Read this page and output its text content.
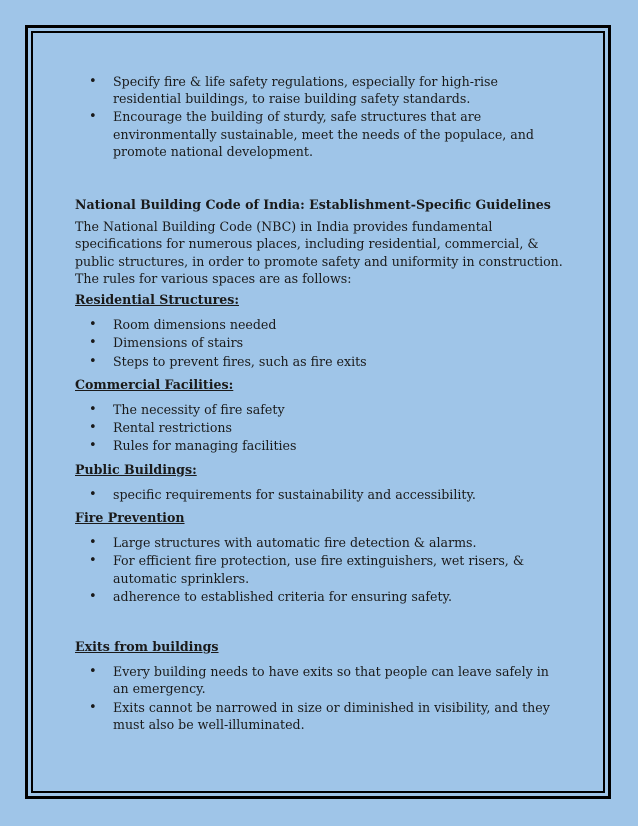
• Specify fire & life safety regulations, especially for high-rise residential buildings, to raise building safety standards.
• Encourage the building of sturdy, safe structures that are environmentally sustainable, meet the needs of the populace, and promote national development.

National Building Code of India: Establishment-Specific Guidelines

The National Building Code (NBC) in India provides fundamental specifications for numerous places, including residential, commercial, & public structures, in order to promote safety and uniformity in construction. The rules for various spaces are as follows:

Residential Structures:

• Room dimensions needed
• Dimensions of stairs
• Steps to prevent fires, such as fire exits

Commercial Facilities:

• The necessity of fire safety
• Rental restrictions
• Rules for managing facilities

Public Buildings:

• specific requirements for sustainability and accessibility.

Fire Prevention

• Large structures with automatic fire detection & alarms.
• For efficient fire protection, use fire extinguishers, wet risers, & automatic sprinklers.
• adherence to established criteria for ensuring safety.

Exits from buildings

• Every building needs to have exits so that people can leave safely in an emergency.
• Exits cannot be narrowed in size or diminished in visibility, and they must also be well-illuminated.
